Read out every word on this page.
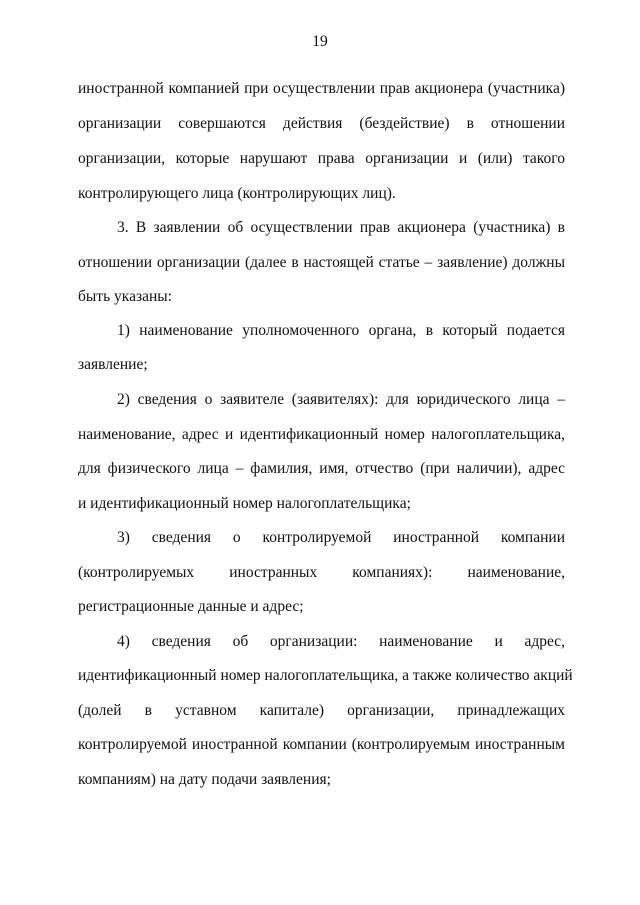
19
иностранной компанией при осуществлении прав акционера (участника)
организации совершаются действия (бездействие) в отношении
организации, которые нарушают права организации и (или) такого
контролирующего лица (контролирующих лиц).
3. В заявлении об осуществлении прав акционера (участника) в
отношении организации (далее в настоящей статье – заявление) должны
быть указаны:
1) наименование уполномоченного органа, в который подается
заявление;
2) сведения о заявителе (заявителях): для юридического лица –
наименование, адрес и идентификационный номер налогоплательщика,
для физического лица – фамилия, имя, отчество (при наличии), адрес
и идентификационный номер налогоплательщика;
3) сведения о контролируемой иностранной компании
(контролируемых иностранных компаниях): наименование,
регистрационные данные и адрес;
4) сведения об организации: наименование и адрес,
идентификационный номер налогоплательщика, а также количество акций
(долей в уставном капитале) организации, принадлежащих
контролируемой иностранной компании (контролируемым иностранным
компаниям) на дату подачи заявления;
